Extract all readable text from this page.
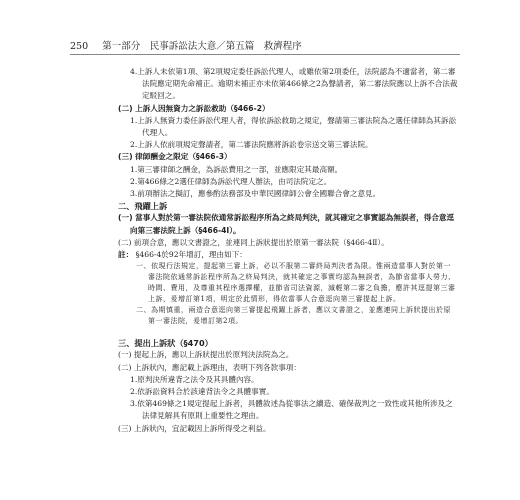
250 第一部分　民事訴訟法大意／第五篇　救濟程序

4.上訴人未依第1項、第2項規定委任訴訟代理人，或雖依第2項委任，法院認為不適當者，第二審法院應定期先命補正。逾期未補正亦未依第466條之2為聲請者，第二審法院應以上訴不合法裁定駁回之。

(二) 上訴人因無資力之訴訟救助（§466-2）

1.上訴人無資力委任訴訟代理人者，得依訴訟救助之規定，聲請第三審法院為之選任律師為其訴訟代理人。

2.上訴人依前項規定聲請者，第二審法院應將訴訟卷宗送交第三審法院。

(三) 律師酬金之限定（§466-3）

1.第三審律師之酬金，為訴訟費用之一部，並應限定其最高額。

2.第466條之2選任律師為訴訟代理人辦法，由司法院定之。

3.前項辦法之擬訂，應參酌法務部及中華民國律師公會全國聯合會之意見。

二、飛躍上訴

(一) 當事人對於第一審法院依通常訴訟程序所為之終局判決，就其確定之事實認為無誤者，得合意逕向第三審法院上訴（§466-4Ⅰ）。

(二) 前項合意，應以文書證之，並連同上訴狀提出於原第一審法院（§466-4Ⅱ）。

註： §466-4於92年增訂，理由如下：

一、依現行法規定，提起第三審上訴，必以不服第二審終局判決者為限。惟兩造當事人對於第一審法院依通常訴訟程序所為之終局判決，就其確定之事實均認為無誤者，為節省當事人勞力、時間、費用，及尊重其程序選擇權，並節省司法資源，減輕第二審之負擔，應許其逕提第三審上訴，爰增訂第1項，明定於此情形，得依當事人合意逕向第三審提起上訴。

二、為期慎重，兩造合意逕向第三審提起飛躍上訴者，應以文書證之，並應連同上訴狀提出於原第一審法院，爰增訂第2項。

三、提出上訴狀（§470）

(一) 提起上訴，應以上訴狀提出於原判決法院為之。

(二) 上訴狀內，應記載上訴理由，表明下列各款事項：

1.原判決所違背之法令及其具體內容。

2.依訴訟資料合於該違背法令之具體事實。

3.依第469條之1規定提起上訴者，具體敘述為從事法之續造、確保裁判之一致性或其他所涉及之法律見解具有原則上重要性之理由。

(三) 上訴狀內，宜記載因上訴所得受之利益。
